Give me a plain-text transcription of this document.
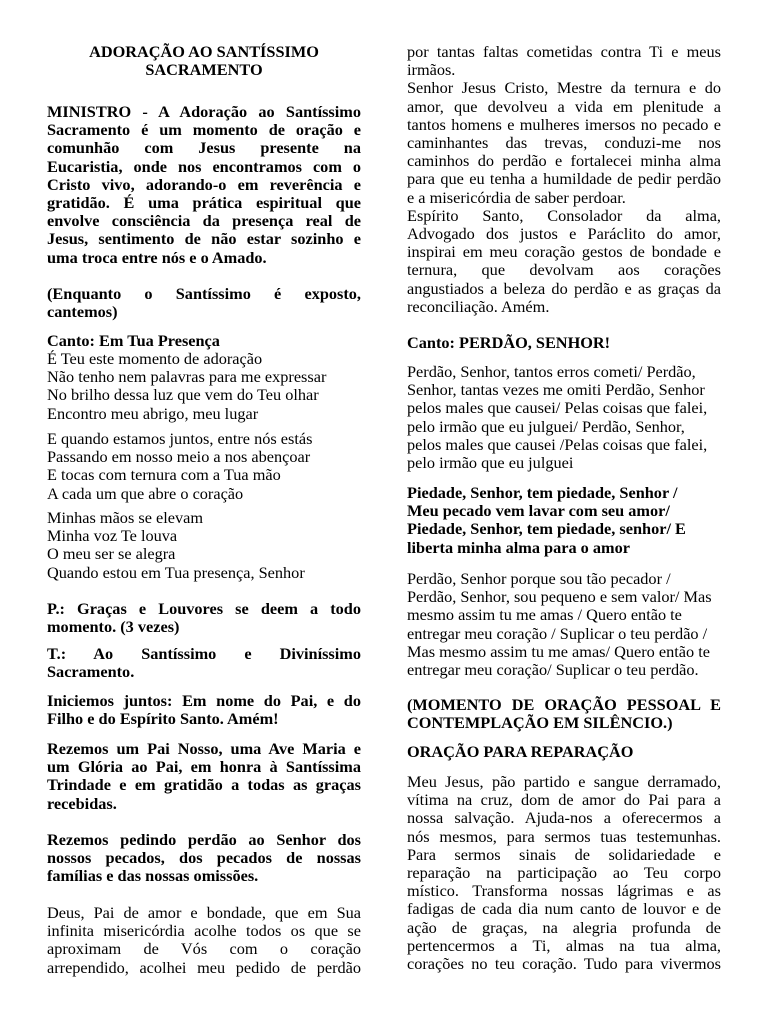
ADORAÇÃO AO SANTÍSSIMO
SACRAMENTO
MINISTRO - A Adoração ao Santíssimo
Sacramento é um momento de oração e
comunhão com Jesus presente na
Eucaristia, onde nos encontramos com o
Cristo vivo, adorando-o em reverência e
gratidão. É uma prática espiritual que
envolve consciência da presença real de
Jesus, sentimento de não estar sozinho e
uma troca entre nós e o Amado.
(Enquanto o Santíssimo é exposto,
cantemos)
Canto: Em Tua Presença
É Teu este momento de adoração
Não tenho nem palavras para me expressar
No brilho dessa luz que vem do Teu olhar
Encontro meu abrigo, meu lugar
E quando estamos juntos, entre nós estás
Passando em nosso meio a nos abençoar
E tocas com ternura com a Tua mão
A cada um que abre o coração
Minhas mãos se elevam
Minha voz Te louva
O meu ser se alegra
Quando estou em Tua presença, Senhor
P.: Graças e Louvores se deem a todo
momento. (3 vezes)
T.: Ao Santíssimo e Diviníssimo
Sacramento.
Iniciemos juntos: Em nome do Pai, e do
Filho e do Espírito Santo. Amém!
Rezemos um Pai Nosso, uma Ave Maria e
um Glória ao Pai, em honra à Santíssima
Trindade e em gratidão a todas as graças
recebidas.
Rezemos pedindo perdão ao Senhor dos
nossos pecados, dos pecados de nossas
famílias e das nossas omissões.
Deus, Pai de amor e bondade, que em Sua
infinita misericórdia acolhe todos os que se
aproximam de Vós com o coração
arrependido, acolhei meu pedido de perdão
por tantas faltas cometidas contra Ti e meus
irmãos.
Senhor Jesus Cristo, Mestre da ternura e do
amor, que devolveu a vida em plenitude a
tantos homens e mulheres imersos no pecado e
caminhantes das trevas, conduzi-me nos
caminhos do perdão e fortalecei minha alma
para que eu tenha a humildade de pedir perdão
e a misericórdia de saber perdoar.
Espírito Santo, Consolador da alma,
Advogado dos justos e Paráclito do amor,
inspirai em meu coração gestos de bondade e
ternura, que devolvam aos corações
angustiados a beleza do perdão e as graças da
reconciliação. Amém.
Canto: PERDÃO, SENHOR!
Perdão, Senhor, tantos erros cometi/ Perdão,
Senhor, tantas vezes me omiti Perdão, Senhor
pelos males que causei/ Pelas coisas que falei,
pelo irmão que eu julguei/ Perdão, Senhor,
pelos males que causei /Pelas coisas que falei,
pelo irmão que eu julguei
Piedade, Senhor, tem piedade, Senhor /
Meu pecado vem lavar com seu amor/
Piedade, Senhor, tem piedade, senhor/ E
liberta minha alma para o amor
Perdão, Senhor porque sou tão pecador /
Perdão, Senhor, sou pequeno e sem valor/ Mas
mesmo assim tu me amas / Quero então te
entregar meu coração / Suplicar o teu perdão /
Mas mesmo assim tu me amas/ Quero então te
entregar meu coração/ Suplicar o teu perdão.
(MOMENTO DE ORAÇÃO PESSOAL E
CONTEMPLAÇÃO EM SILÊNCIO.)
ORAÇÃO PARA REPARAÇÃO
Meu Jesus, pão partido e sangue derramado,
vítima na cruz, dom de amor do Pai para a
nossa salvação. Ajuda-nos a oferecermos a
nós mesmos, para sermos tuas testemunhas.
Para sermos sinais de solidariedade e
reparação na participação ao Teu corpo
místico. Transforma nossas lágrimas e as
fadigas de cada dia num canto de louvor e de
ação de graças, na alegria profunda de
pertencermos a Ti, almas na tua alma,
corações no teu coração. Tudo para vivermos
